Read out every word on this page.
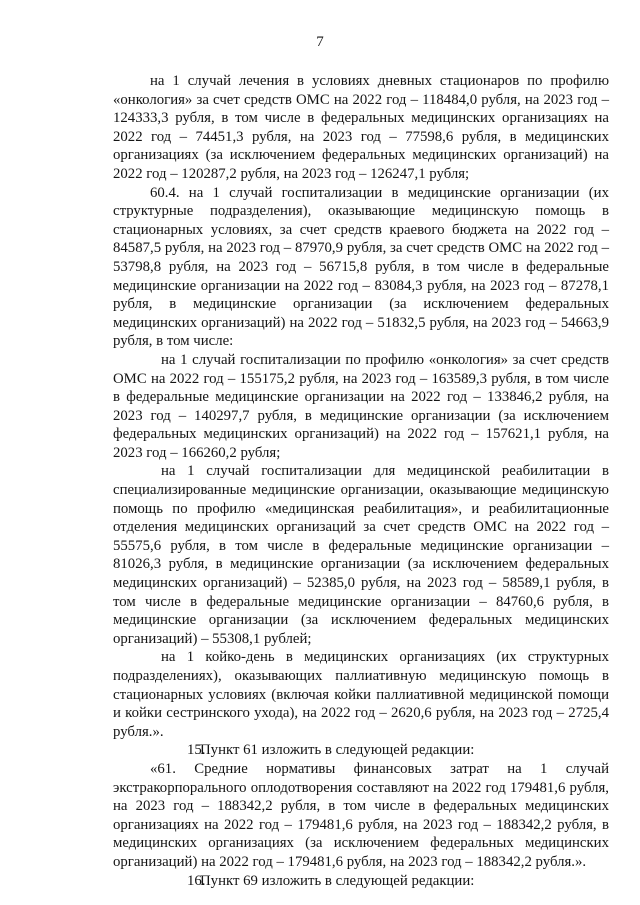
7

на 1 случай лечения в условиях дневных стационаров по профилю «онкология» за счет средств ОМС на 2022 год – 118484,0 рубля, на 2023 год – 124333,3 рубля, в том числе в федеральных медицинских организациях на 2022 год – 74451,3 рубля, на 2023 год – 77598,6 рубля, в медицинских организациях (за исключением федеральных медицинских организаций) на 2022 год – 120287,2 рубля, на 2023 год – 126247,1 рубля;

60.4. на 1 случай госпитализации в медицинские организации (их структурные подразделения), оказывающие медицинскую помощь в стационарных условиях, за счет средств краевого бюджета на 2022 год – 84587,5 рубля, на 2023 год – 87970,9 рубля, за счет средств ОМС на 2022 год – 53798,8 рубля, на 2023 год – 56715,8 рубля, в том числе в федеральные медицинские организации на 2022 год – 83084,3 рубля, на 2023 год – 87278,1 рубля, в медицинские организации (за исключением федеральных медицинских организаций) на 2022 год – 51832,5 рубля, на 2023 год – 54663,9 рубля, в том числе:

на 1 случай госпитализации по профилю «онкология» за счет средств ОМС на 2022 год – 155175,2 рубля, на 2023 год – 163589,3 рубля, в том числе в федеральные медицинские организации на 2022 год – 133846,2 рубля, на 2023 год – 140297,7 рубля, в медицинские организации (за исключением федеральных медицинских организаций) на 2022 год – 157621,1 рубля, на 2023 год – 166260,2 рубля;

на 1 случай госпитализации для медицинской реабилитации в специализированные медицинские организации, оказывающие медицинскую помощь по профилю «медицинская реабилитация», и реабилитационные отделения медицинских организаций за счет средств ОМС на 2022 год – 55575,6 рубля, в том числе в федеральные медицинские организации – 81026,3 рубля, в медицинские организации (за исключением федеральных медицинских организаций) – 52385,0 рубля, на 2023 год – 58589,1 рубля, в том числе в федеральные медицинские организации – 84760,6 рубля, в медицинские организации (за исключением федеральных медицинских организаций) – 55308,1 рублей;

на 1 койко-день в медицинских организациях (их структурных подразделениях), оказывающих паллиативную медицинскую помощь в стационарных условиях (включая койки паллиативной медицинской помощи и койки сестринского ухода), на 2022 год – 2620,6 рубля, на 2023 год – 2725,4 рубля.».

15.Пункт 61 изложить в следующей редакции:

«61. Средние нормативы финансовых затрат на 1 случай экстракорпорального оплодотворения составляют на 2022 год 179481,6 рубля, на 2023 год – 188342,2 рубля, в том числе в федеральных медицинских организациях на 2022 год – 179481,6 рубля, на 2023 год – 188342,2 рубля, в медицинских организациях (за исключением федеральных медицинских организаций) на 2022 год – 179481,6 рубля, на 2023 год – 188342,2 рубля.».

16.Пункт 69 изложить в следующей редакции:
